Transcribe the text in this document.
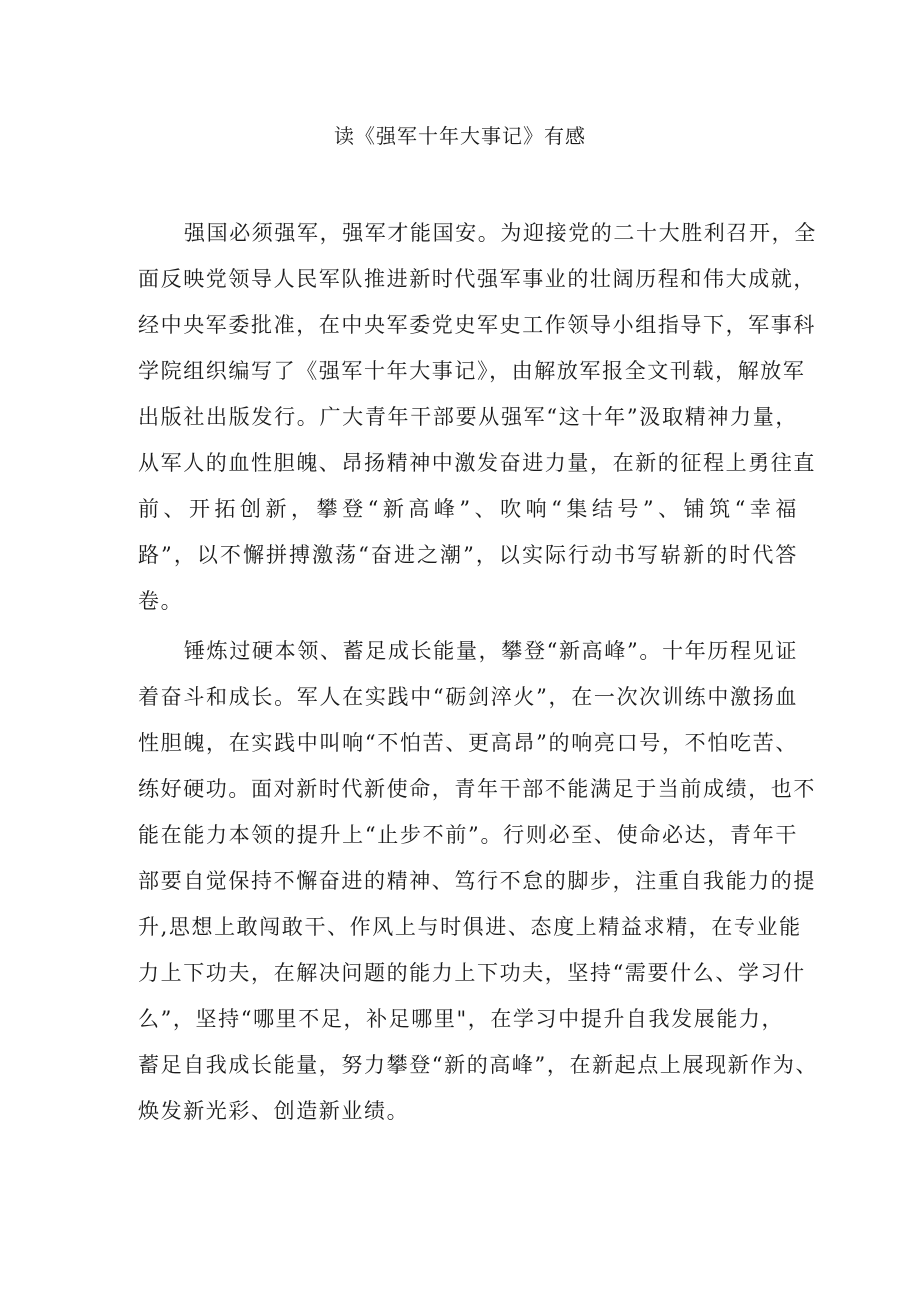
读《强军十年大事记》有感
强国必须强军，强军才能国安。为迎接党的二十大胜利召开，全
面反映党领导人民军队推进新时代强军事业的壮阔历程和伟大成就，
经中央军委批准，在中央军委党史军史工作领导小组指导下，军事科
学院组织编写了《强军十年大事记》，由解放军报全文刊载，解放军
出版社出版发行。广大青年干部要从强军“这十年”汲取精神力量，
从军人的血性胆魄、昂扬精神中激发奋进力量，在新的征程上勇往直
前、开拓创新，攀登“新高峰”、吹响“集结号”、铺筑“幸福
路”，以不懈拼搏激荡“奋进之潮”，以实际行动书写崭新的时代答
卷。
锤炼过硬本领、蓄足成长能量，攀登“新高峰”。十年历程见证
着奋斗和成长。军人在实践中“砺剑淬火”，在一次次训练中激扬血
性胆魄，在实践中叫响“不怕苦、更高昂”的响亮口号，不怕吃苦、
练好硬功。面对新时代新使命，青年干部不能满足于当前成绩，也不
能在能力本领的提升上“止步不前”。行则必至、使命必达，青年干
部要自觉保持不懈奋进的精神、笃行不怠的脚步，注重自我能力的提
升,思想上敢闯敢干、作风上与时俱进、态度上精益求精，在专业能
力上下功夫，在解决问题的能力上下功夫，坚持“需要什么、学习什
么”，坚持“哪里不足，补足哪里"，在学习中提升自我发展能力，
蓄足自我成长能量，努力攀登“新的高峰”，在新起点上展现新作为、
焕发新光彩、创造新业绩。
